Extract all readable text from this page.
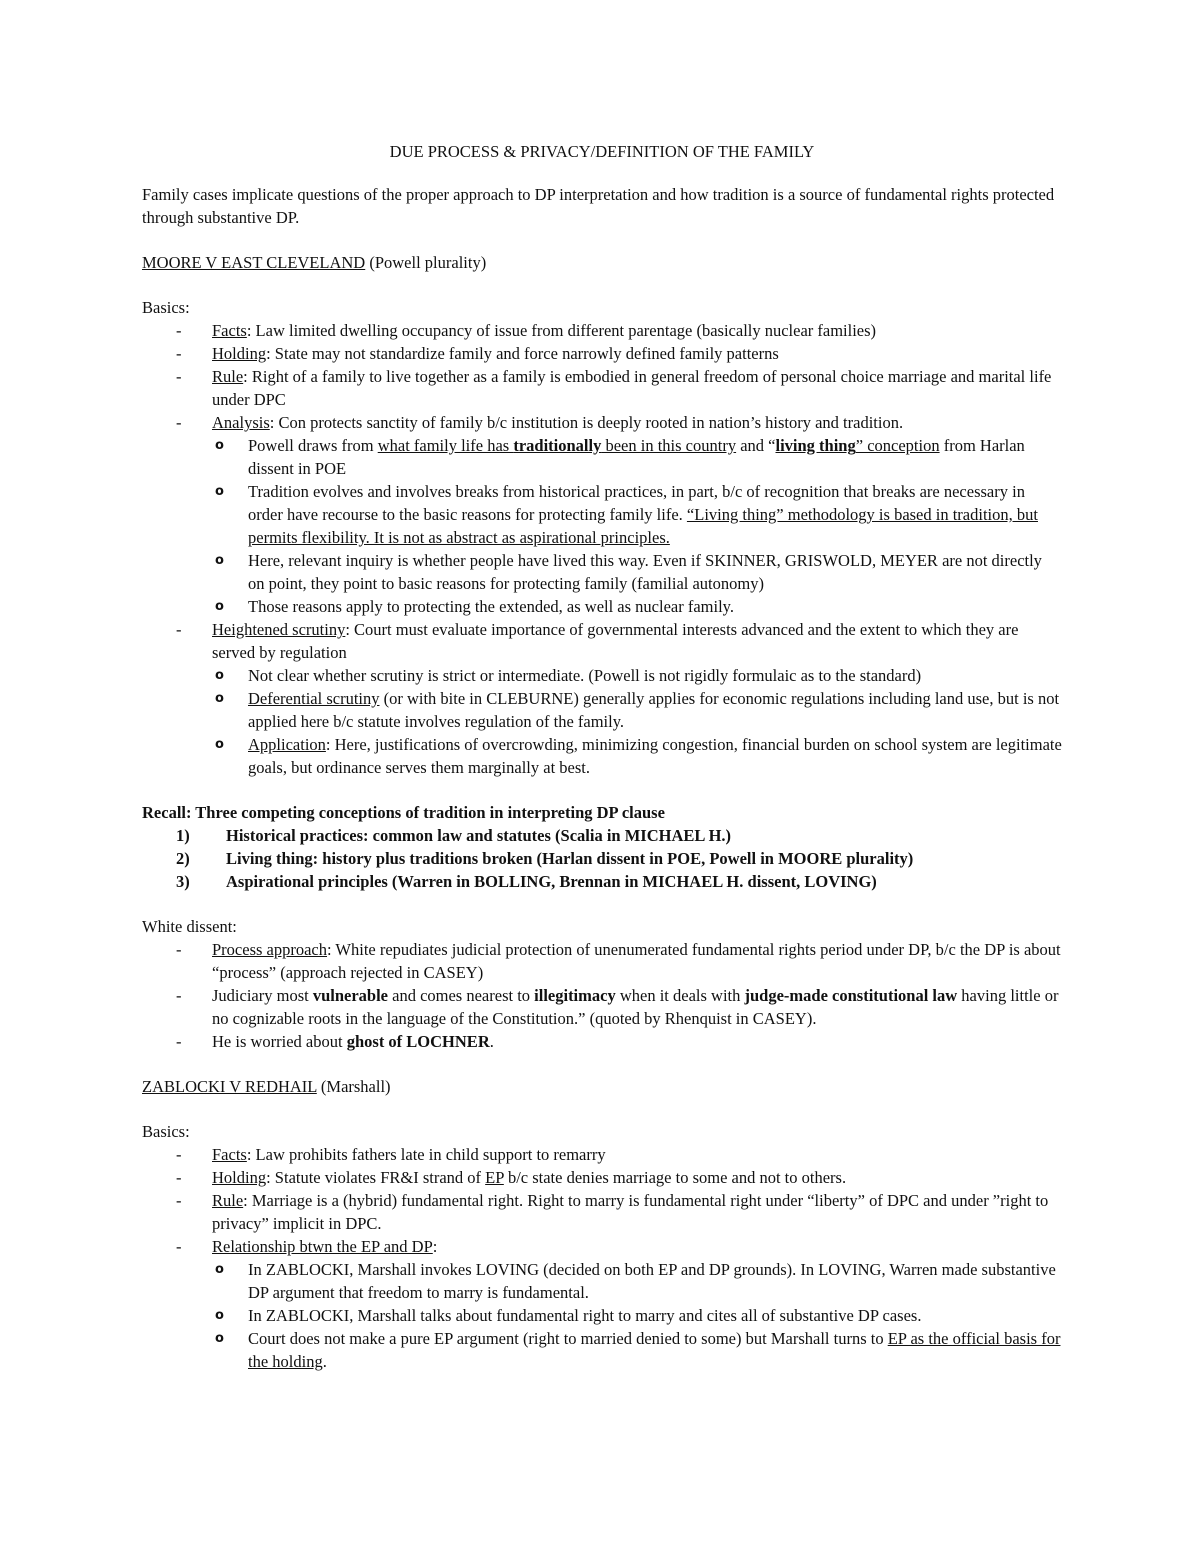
DUE PROCESS & PRIVACY/DEFINITION OF THE FAMILY

Family cases implicate questions of the proper approach to DP interpretation and how tradition is a source of fundamental rights protected through substantive DP.

MOORE V EAST CLEVELAND (Powell plurality)

Basics:

- Facts: Law limited dwelling occupancy of issue from different parentage (basically nuclear families)
- Holding: State may not standardize family and force narrowly defined family patterns
- Rule: Right of a family to live together as a family is embodied in general freedom of personal choice marriage and marital life under DPC
- Analysis: Con protects sanctity of family b/c institution is deeply rooted in nation’s history and tradition.
o Powell draws from what family life has traditionally been in this country and “living thing” conception from Harlan dissent in POE
o Tradition evolves and involves breaks from historical practices, in part, b/c of recognition that breaks are necessary in order have recourse to the basic reasons for protecting family life. “Living thing” methodology is based in tradition, but permits flexibility. It is not as abstract as aspirational principles.
o Here, relevant inquiry is whether people have lived this way. Even if SKINNER, GRISWOLD, MEYER are not directly on point, they point to basic reasons for protecting family (familial autonomy)
o Those reasons apply to protecting the extended, as well as nuclear family.
- Heightened scrutiny: Court must evaluate importance of governmental interests advanced and the extent to which they are served by regulation
o Not clear whether scrutiny is strict or intermediate. (Powell is not rigidly formulaic as to the standard)
o Deferential scrutiny (or with bite in CLEBURNE) generally applies for economic regulations including land use, but is not applied here b/c statute involves regulation of the family.
o Application: Here, justifications of overcrowding, minimizing congestion, financial burden on school system are legitimate goals, but ordinance serves them marginally at best.

Recall: Three competing conceptions of tradition in interpreting DP clause

1) Historical practices: common law and statutes (Scalia in MICHAEL H.)
2) Living thing: history plus traditions broken (Harlan dissent in POE, Powell in MOORE plurality)
3) Aspirational principles (Warren in BOLLING, Brennan in MICHAEL H. dissent, LOVING)

White dissent:

- Process approach: White repudiates judicial protection of unenumerated fundamental rights period under DP, b/c the DP is about “process” (approach rejected in CASEY)
- Judiciary most vulnerable and comes nearest to illegitimacy when it deals with judge-made constitutional law having little or no cognizable roots in the language of the Constitution.” (quoted by Rhenquist in CASEY).
- He is worried about ghost of LOCHNER.

ZABLOCKI V REDHAIL (Marshall)

Basics:

- Facts: Law prohibits fathers late in child support to remarry
- Holding: Statute violates FR&I strand of EP b/c state denies marriage to some and not to others.
- Rule: Marriage is a (hybrid) fundamental right. Right to marry is fundamental right under “liberty” of DPC and under ”right to privacy” implicit in DPC.
- Relationship btwn the EP and DP:
o In ZABLOCKI, Marshall invokes LOVING (decided on both EP and DP grounds). In LOVING, Warren made substantive DP argument that freedom to marry is fundamental.
o In ZABLOCKI, Marshall talks about fundamental right to marry and cites all of substantive DP cases.
o Court does not make a pure EP argument (right to married denied to some) but Marshall turns to EP as the official basis for the holding.
